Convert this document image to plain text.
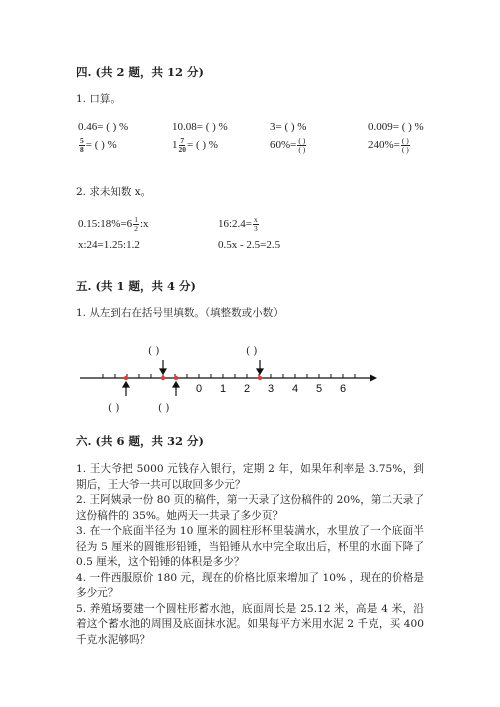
四. (共 2 题，共 12 分)
1. 口算。
0.46= ( ) %	10.08= ( ) %	3= ( ) %	0.009= ( ) %
$\frac{5}{8}$ = ( ) %	$1 \frac{7}{20}$ = ( ) %	$60\%= \frac{( )}{( )}$	$240\%= \frac{( )}{( )}$
2. 求未知数 x。
0.15:18%=6 $\frac{1}{2}$ :x	16:2.4= $\frac{x}{3}$
x:24=1.25:1.2	0.5x - 2.5=2.5
五. (共 1 题，共 4 分)
1. 从左到右在括号里填数。（填整数或小数）
( )	( )
( )	( )
0 1 2 3 4 5 6
六. (共 6 题，共 32 分)

1. 王大爷把 5000 元钱存入银行，定期 2 年，如果年利率是 3.75%，到期后，王大爷一共可以取回多少元？

2. 王阿姨录一份 80 页的稿件，第一天录了这份稿件的 20%，第二天录了这份稿件的 35%。她两天一共录了多少页？

3. 在一个底面半径为 10 厘米的圆柱形杯里装满水，水里放了一个底面半径为 5 厘米的圆锥形铅锤，当铅锤从水中完全取出后，杯里的水面下降了 0.5 厘米，这个铅锤的体积是多少？

4. 一件西服原价 180 元，现在的价格比原来增加了 10% ，现在的价格是多少元？

5. 养殖场要建一个圆柱形蓄水池，底面周长是 25.12 米，高是 4 米，沿着这个蓄水池的周围及底面抹水泥。如果每平方米用水泥 2 千克，买 400 千克水泥够吗？
